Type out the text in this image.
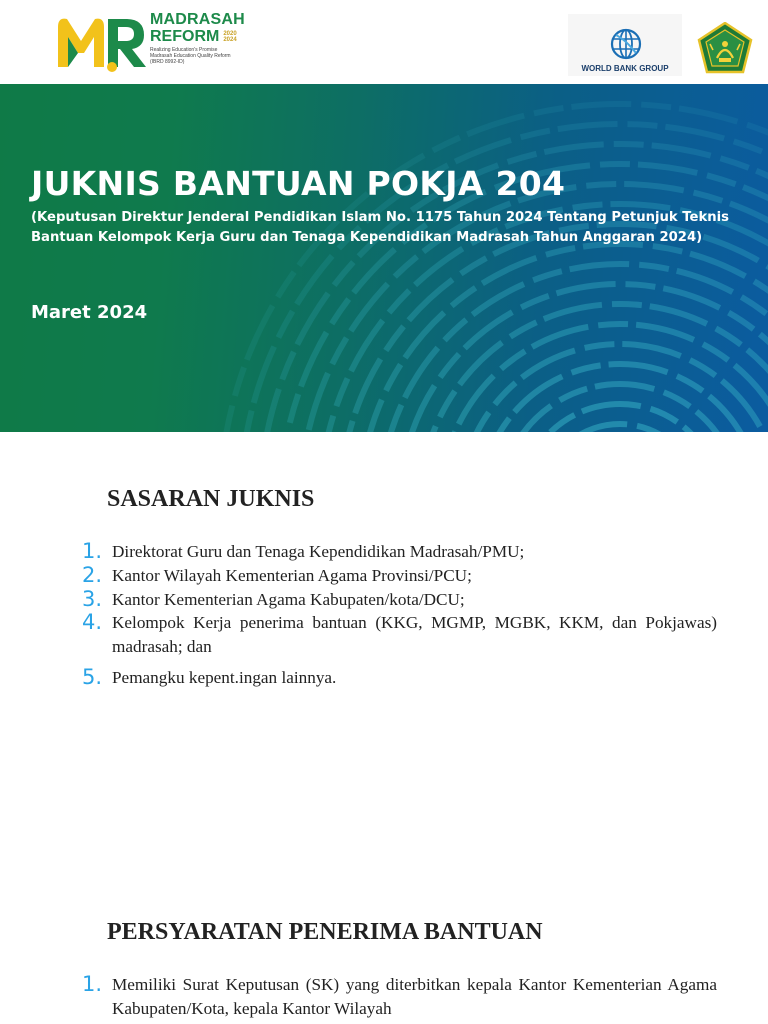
MADRASAH
REFORM 2020
2024
Realizing Education's Promise
Madrasah Education Quality Reform
(IBRD 8992-ID)
WORLD BANK GROUP
JUKNIS BANTUAN POKJA 204
(Keputusan Direktur Jenderal Pendidikan Islam No. 1175 Tahun 2024 Tentang Petunjuk Teknis Bantuan Kelompok Kerja Guru dan Tenaga Kependidikan Madrasah Tahun Anggaran 2024)
Maret 2024
SASARAN JUKNIS
1. Direktorat Guru dan Tenaga Kependidikan Madrasah/PMU;
2. Kantor Wilayah Kementerian Agama Provinsi/PCU;
3. Kantor Kementerian Agama Kabupaten/kota/DCU;
4. Kelompok Kerja penerima bantuan (KKG, MGMP, MGBK, KKM, dan Pokjawas) madrasah; dan
5. Pemangku kepent.ingan lainnya.
PERSYARATAN PENERIMA BANTUAN
1. Memiliki Surat Keputusan (SK) yang diterbitkan kepala Kantor Kementerian Agama Kabupaten/Kota, kepala Kantor Wilayah
